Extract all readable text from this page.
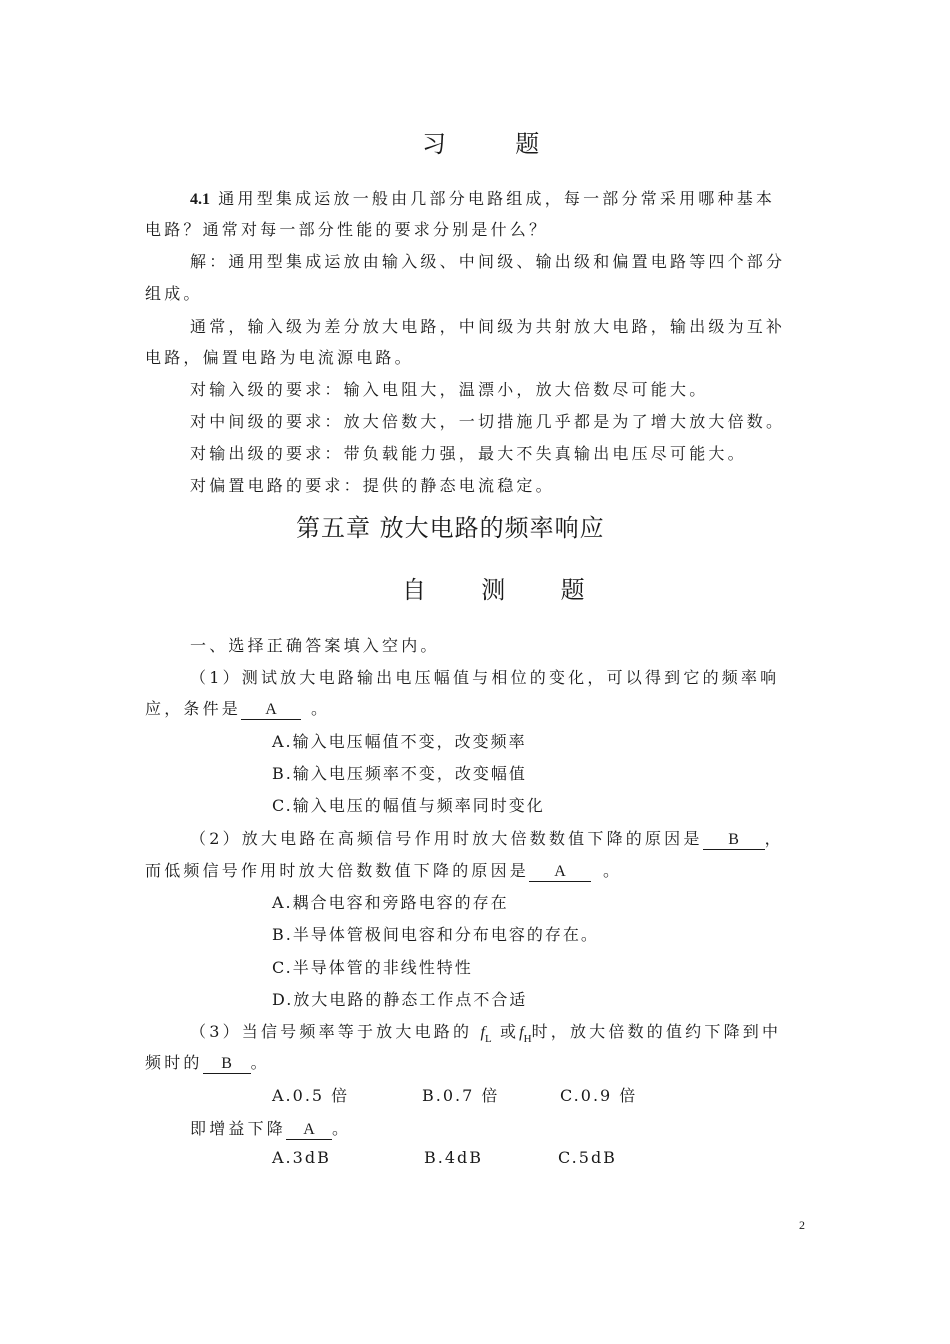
习	题
4.1 通用型集成运放一般由几部分电路组成，每一部分常采用哪种基本
电路？通常对每一部分性能的要求分别是什么？
解：通用型集成运放由输入级、中间级、输出级和偏置电路等四个部分
组成。
通常，输入级为差分放大电路，中间级为共射放大电路，输出级为互补
电路，偏置电路为电流源电路。
对输入级的要求：输入电阻大，温漂小，放大倍数尽可能大。
对中间级的要求：放大倍数大，一切措施几乎都是为了增大放大倍数。
对输出级的要求：带负载能力强，最大不失真输出电压尽可能大。
对偏置电路的要求：提供的静态电流稳定。
第五章 放大电路的频率响应
自 测 题
一、选择正确答案填入空内。
（1）测试放大电路输出电压幅值与相位的变化，可以得到它的频率响
应，条件是 A 。
A.输入电压幅值不变，改变频率
B.输入电压频率不变，改变幅值
C.输入电压的幅值与频率同时变化
（2）放大电路在高频信号作用时放大倍数数值下降的原因是 B ，
而低频信号作用时放大倍数数值下降的原因是 A 。
A.耦合电容和旁路电容的存在
B.半导体管极间电容和分布电容的存在。
C.半导体管的非线性特性
D.放大电路的静态工作点不合适
（3）当信号频率等于放大电路的 $f_L$ 或$f_H$时，放大倍数的值约下降到中
频时的 B 。
A.0.5 倍	B.0.7 倍	C.0.9 倍
即增益下降 A 。
A.3dB	B.4dB	C.5dB
2
